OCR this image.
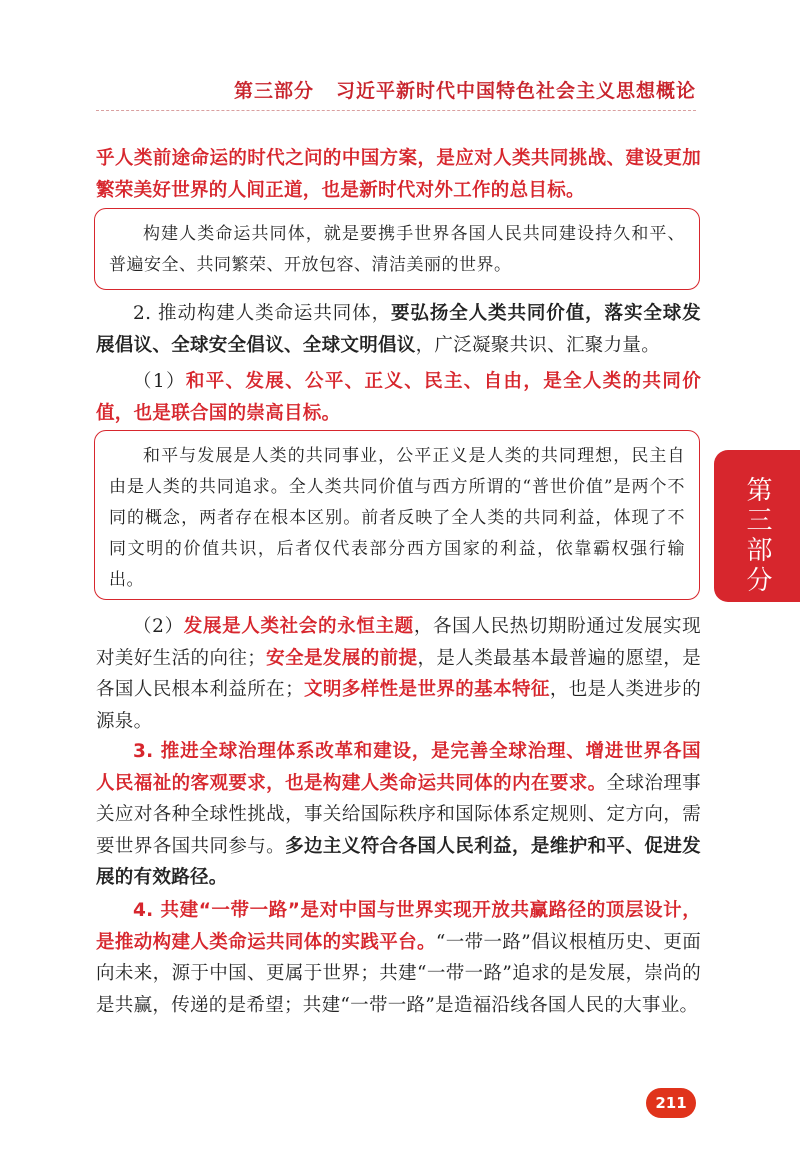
第三部分 习近平新时代中国特色社会主义思想概论
乎人类前途命运的时代之问的中国方案，是应对人类共同挑战、建设更加繁荣美好世界的人间正道，也是新时代对外工作的总目标。
构建人类命运共同体，就是要携手世界各国人民共同建设持久和平、普遍安全、共同繁荣、开放包容、清洁美丽的世界。
2. 推动构建人类命运共同体，要弘扬全人类共同价值，落实全球发展倡议、全球安全倡议、全球文明倡议，广泛凝聚共识、汇聚力量。
（1）和平、发展、公平、正义、民主、自由，是全人类的共同价值，也是联合国的崇高目标。
和平与发展是人类的共同事业，公平正义是人类的共同理想，民主自由是人类的共同追求。全人类共同价值与西方所谓的“普世价值”是两个不同的概念，两者存在根本区别。前者反映了全人类的共同利益，体现了不同文明的价值共识，后者仅代表部分西方国家的利益，依靠霸权强行输出。
（2）发展是人类社会的永恒主题，各国人民热切期盼通过发展实现对美好生活的向往；安全是发展的前提，是人类最基本最普遍的愿望，是各国人民根本利益所在；文明多样性是世界的基本特征，也是人类进步的源泉。
3. 推进全球治理体系改革和建设，是完善全球治理、增进世界各国人民福祉的客观要求，也是构建人类命运共同体的内在要求。全球治理事关应对各种全球性挑战，事关给国际秩序和国际体系定规则、定方向，需要世界各国共同参与。多边主义符合各国人民利益，是维护和平、促进发展的有效路径。
4. 共建“一带一路”是对中国与世界实现开放共赢路径的顶层设计，是推动构建人类命运共同体的实践平台。“一带一路”倡议根植历史、更面向未来，源于中国、更属于世界；共建“一带一路”追求的是发展，崇尚的是共赢，传递的是希望；共建“一带一路”是造福沿线各国人民的大事业。
第三部分
211
